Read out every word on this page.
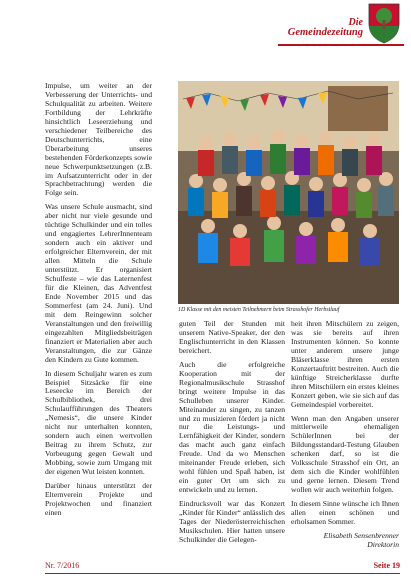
Die
Gemeindezeitung

Impulse, um weiter an der Verbesserung der Unterrichts- und Schulqualität zu arbeiten. Weitere Fortbildung der Lehrkräfte hinsichtlich Leseerziehung und verschiedener Teilbereiche des Deutschunterrichts, eine Überarbeitung unseres bestehenden Förderkonzepts sowie neue Schwerpunktsetzungen (z.B. im Aufsatzunterricht oder in der Sprachbetrachtung) werden die Folge sein.

Was unsere Schule ausmacht, sind aber nicht nur viele gesunde und tüchtige Schulkinder und ein tolles und engagiertes LehrerInnenteam sondern auch ein aktiver und erfolgreicher Elternverein, der mit allen Mitteln die Schule unterstützt. Er organisiert Schulfeste – wie das Laternenfest für die Kleinen, das Adventfest Ende November 2015 und das Sommerfest (am 24. Juni). Und mit dem Reingewinn solcher Veranstaltungen und den freiwillig eingezahlten Mitgliedsbeiträgen finanziert er Materialien aber auch Veranstaltungen, die zur Gänze den Kindern zu Gute kommen.

In diesem Schuljahr waren es zum Beispiel Sitzsäcke für eine Leseecke im Bereich der Schulbibliothek, drei Schulaufführungen des Theaters „Nemesis“, die unsere Kinder nicht nur unterhalten konnten, sondern auch einen wertvollen Beitrag zu ihrem Schutz, zur Vorbeugung gegen Gewalt und Mobbing, sowie zum Umgang mit der eigenen Wut leisten konnten.

Darüber hinaus unterstützt der Elternverein Projekte und Projektwochen und finanziert einen

1D Klasse mit den meisten Teilnehmern beim Strasshofer Herbstlauf

guten Teil der Stunden mit unserem Native-Speaker, der den Englischunterricht in den Klassen bereichert.

Auch die erfolgreiche Kooperation mit der Regionalmusikschule Strasshof bringt weitere Impulse in das Schulleben unserer Kinder. Miteinander zu singen, zu tanzen und zu musizieren fördert ja nicht nur die Leistungs- und Lernfähigkeit der Kinder, sondern das macht auch ganz einfach Freude. Und da wo Menschen miteinander Freude erleben, sich wohl fühlen und Spaß haben, ist ein guter Ort um sich zu entwickeln und zu lernen.

Eindrucksvoll war das Konzert „Kinder für Kinder“ anlässlich des Tages der Niederösterreichischen Musikschulen. Hier hatten unsere Schulkinder die Gelegen-

heit ihren Mitschülern zu zeigen, was sie bereits auf ihren Instrumenten können. So konnte unter anderem unsere junge Bläserklasse ihren ersten Konzertauftritt bestreiten. Auch die künftige Streicherklasse durfte ihren Mitschülern ein erstes kleines Konzert geben, wie sie sich auf das Gemeindespiel vorbereitet.

Wenn man den Angaben unserer mittlerweile ehemaligen SchülerInnen bei der Bildungsstandard-Testung Glauben schenken darf, so ist die Volksschule Strasshof ein Ort, an dem sich die Kinder wohlfühlen und gerne lernen. Diesem Trend wollen wir auch weiterhin folgen.

In diesem Sinne wünsche ich Ihnen allen einen schönen und erholsamen Sommer.

Elisabeth Sensenbrenner
Direktorin
Nr. 7/2016	Seite 19
